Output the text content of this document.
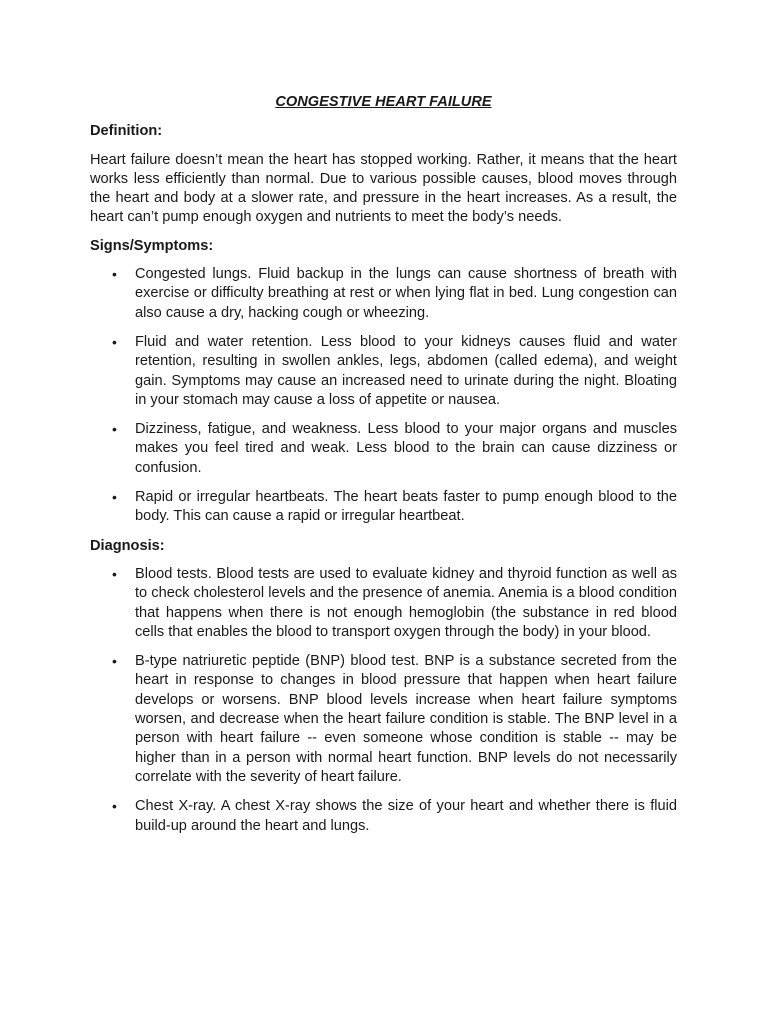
CONGESTIVE HEART FAILURE
Definition:
Heart failure doesn’t mean the heart has stopped working. Rather, it means that the heart works less efficiently than normal. Due to various possible causes, blood moves through the heart and body at a slower rate, and pressure in the heart increases. As a result, the heart can’t pump enough oxygen and nutrients to meet the body’s needs.
Signs/Symptoms:
• Congested lungs. Fluid backup in the lungs can cause shortness of breath with exercise or difficulty breathing at rest or when lying flat in bed. Lung congestion can also cause a dry, hacking cough or wheezing.
• Fluid and water retention. Less blood to your kidneys causes fluid and water retention, resulting in swollen ankles, legs, abdomen (called edema), and weight gain. Symptoms may cause an increased need to urinate during the night. Bloating in your stomach may cause a loss of appetite or nausea.
• Dizziness, fatigue, and weakness. Less blood to your major organs and muscles makes you feel tired and weak. Less blood to the brain can cause dizziness or confusion.
• Rapid or irregular heartbeats. The heart beats faster to pump enough blood to the body. This can cause a rapid or irregular heartbeat.
Diagnosis:
• Blood tests. Blood tests are used to evaluate kidney and thyroid function as well as to check cholesterol levels and the presence of anemia. Anemia is a blood condition that happens when there is not enough hemoglobin (the substance in red blood cells that enables the blood to transport oxygen through the body) in your blood.
• B-type natriuretic peptide (BNP) blood test. BNP is a substance secreted from the heart in response to changes in blood pressure that happen when heart failure develops or worsens. BNP blood levels increase when heart failure symptoms worsen, and decrease when the heart failure condition is stable. The BNP level in a person with heart failure -- even someone whose condition is stable -- may be higher than in a person with normal heart function. BNP levels do not necessarily correlate with the severity of heart failure.
• Chest X-ray. A chest X-ray shows the size of your heart and whether there is fluid build-up around the heart and lungs.
